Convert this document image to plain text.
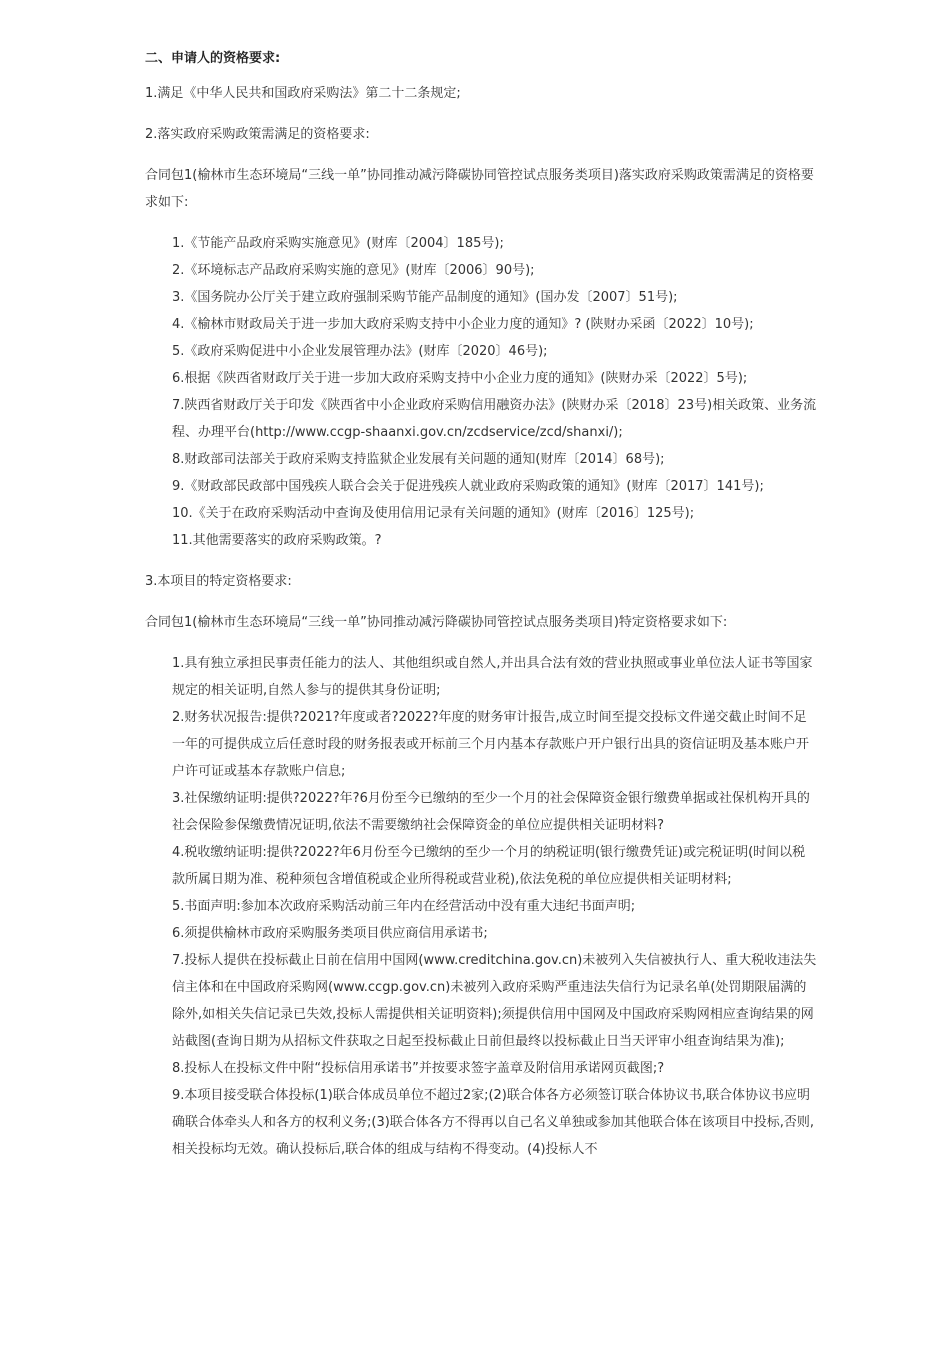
二、申请人的资格要求:
1.满足《中华人民共和国政府采购法》第二十二条规定;
2.落实政府采购政策需满足的资格要求:
合同包1(榆林市生态环境局“三线一单”协同推动减污降碳协同管控试点服务类项目)落实政府采购政策需满足的资格要求如下:
1.《节能产品政府采购实施意见》(财库〔2004〕185号);
2.《环境标志产品政府采购实施的意见》(财库〔2006〕90号);
3.《国务院办公厅关于建立政府强制采购节能产品制度的通知》(国办发〔2007〕51号);
4.《榆林市财政局关于进一步加大政府采购支持中小企业力度的通知》? (陕财办采函〔2022〕10号);
5.《政府采购促进中小企业发展管理办法》(财库〔2020〕46号);
6.根据《陕西省财政厅关于进一步加大政府采购支持中小企业力度的通知》(陕财办采〔2022〕5号);
7.陕西省财政厅关于印发《陕西省中小企业政府采购信用融资办法》(陕财办采〔2018〕23号)相关政策、业务流程、办理平台(http://www.ccgp-shaanxi.gov.cn/zcdservice/zcd/shanxi/);
8.财政部司法部关于政府采购支持监狱企业发展有关问题的通知(财库〔2014〕68号);
9.《财政部民政部中国残疾人联合会关于促进残疾人就业政府采购政策的通知》(财库〔2017〕141号);
10.《关于在政府采购活动中查询及使用信用记录有关问题的通知》(财库〔2016〕125号);
11.其他需要落实的政府采购政策。?
3.本项目的特定资格要求:
合同包1(榆林市生态环境局“三线一单”协同推动减污降碳协同管控试点服务类项目)特定资格要求如下:
1.具有独立承担民事责任能力的法人、其他组织或自然人,并出具合法有效的营业执照或事业单位法人证书等国家规定的相关证明,自然人参与的提供其身份证明;
2.财务状况报告:提供?2021?年度或者?2022?年度的财务审计报告,成立时间至提交投标文件递交截止时间不足一年的可提供成立后任意时段的财务报表或开标前三个月内基本存款账户开户银行出具的资信证明及基本账户开户许可证或基本存款账户信息;
3.社保缴纳证明:提供?2022?年?6月份至今已缴纳的至少一个月的社会保障资金银行缴费单据或社保机构开具的社会保险参保缴费情况证明,依法不需要缴纳社会保障资金的单位应提供相关证明材料?
4.税收缴纳证明:提供?2022?年6月份至今已缴纳的至少一个月的纳税证明(银行缴费凭证)或完税证明(时间以税款所属日期为准、税种须包含增值税或企业所得税或营业税),依法免税的单位应提供相关证明材料;
5.书面声明:参加本次政府采购活动前三年内在经营活动中没有重大违纪书面声明;
6.须提供榆林市政府采购服务类项目供应商信用承诺书;
7.投标人提供在投标截止日前在信用中国网(www.creditchina.gov.cn)未被列入失信被执行人、重大税收违法失信主体和在中国政府采购网(www.ccgp.gov.cn)未被列入政府采购严重违法失信行为记录名单(处罚期限届满的除外,如相关失信记录已失效,投标人需提供相关证明资料);须提供信用中国网及中国政府采购网相应查询结果的网站截图(查询日期为从招标文件获取之日起至投标截止日前但最终以投标截止日当天评审小组查询结果为准);
8.投标人在投标文件中附“投标信用承诺书”并按要求签字盖章及附信用承诺网页截图;?
9.本项目接受联合体投标(1)联合体成员单位不超过2家;(2)联合体各方必须签订联合体协议书,联合体协议书应明确联合体牵头人和各方的权利义务;(3)联合体各方不得再以自己名义单独或参加其他联合体在该项目中投标,否则,相关投标均无效。确认投标后,联合体的组成与结构不得变动。(4)投标人不
